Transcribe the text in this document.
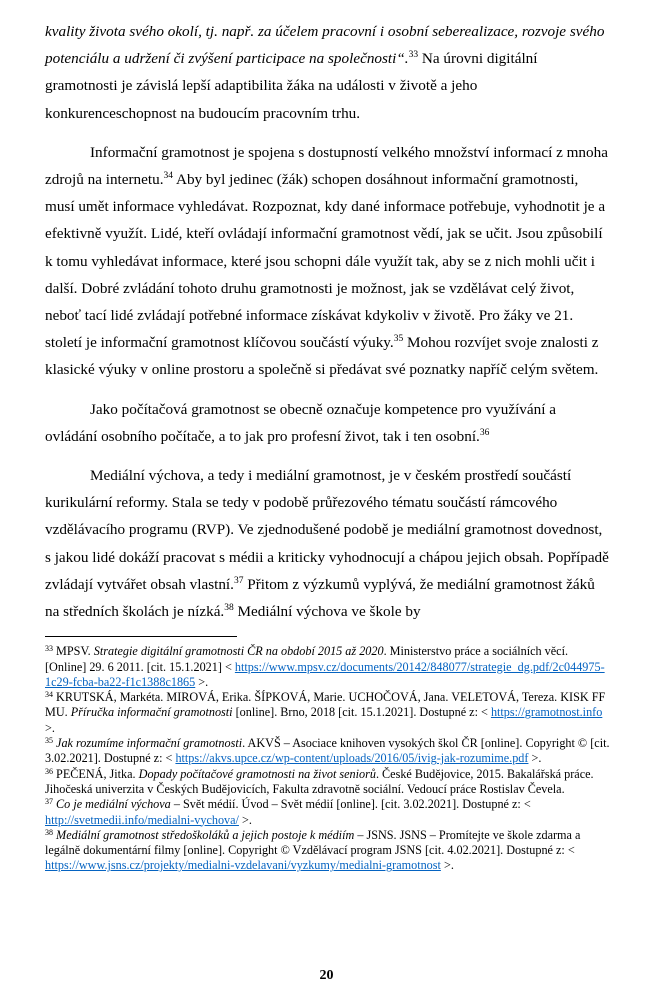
kvality života svého okolí, tj. např. za účelem pracovní i osobní seberealizace, rozvoje svého potenciálu a udržení či zvýšení participace na společnosti“.$^{33}$ Na úrovni digitální gramotnosti je závislá lepší adaptibilita žáka na události v životě a jeho konkurenceschopnost na budoucím pracovním trhu.

Informační gramotnost je spojena s dostupností velkého množství informací z mnoha zdrojů na internetu.$^{34}$ Aby byl jedinec (žák) schopen dosáhnout informační gramotnosti, musí umět informace vyhledávat. Rozpoznat, kdy dané informace potřebuje, vyhodnotit je a efektivně využít. Lidé, kteří ovládají informační gramotnost vědí, jak se učit. Jsou způsobilí k tomu vyhledávat informace, které jsou schopni dále využít tak, aby se z nich mohli učit i další. Dobré zvládání tohoto druhu gramotnosti je možnost, jak se vzdělávat celý život, neboť tací lidé zvládají potřebné informace získávat kdykoliv v životě. Pro žáky ve 21. století je informační gramotnost klíčovou součástí výuky.$^{35}$ Mohou rozvíjet svoje znalosti z klasické výuky v online prostoru a společně si předávat své poznatky napříč celým světem.

Jako počítačová gramotnost se obecně označuje kompetence pro využívání a ovládání osobního počítače, a to jak pro profesní život, tak i ten osobní.$^{36}$

Mediální výchova, a tedy i mediální gramotnost, je v českém prostředí součástí kurikulární reformy. Stala se tedy v podobě průřezového tématu součástí rámcového vzdělávacího programu (RVP). Ve zjednodušené podobě je mediální gramotnost dovednost, s jakou lidé dokáží pracovat s médii a kriticky vyhodnocují a chápou jejich obsah. Popřípadě zvládají vytvářet obsah vlastní.$^{37}$ Přitom z výzkumů vyplývá, že mediální gramotnost žáků na středních školách je nízká.$^{38}$ Mediální výchova ve škole by

$^{33}$ MPSV. Strategie digitální gramotnosti ČR na období 2015 až 2020. Ministerstvo práce a sociálních věcí. [Online] 29. 6 2011. [cit. 15.1.2021] < https://www.mpsv.cz/documents/20142/848077/strategie_dg.pdf/2c044975-1c29-fcba-ba22-f1c1388c1865 >.

$^{34}$ KRUTSKÁ, Markéta. MIROVÁ, Erika. ŠÍPKOVÁ, Marie. UCHOČOVÁ, Jana. VELETOVÁ, Tereza. KISK FF MU. Příručka informační gramotnosti [online]. Brno, 2018 [cit. 15.1.2021]. Dostupné z: < https://gramotnost.info >.

$^{35}$ Jak rozumíme informační gramotnosti. AKVŠ – Asociace knihoven vysokých škol ČR [online]. Copyright © [cit. 3.02.2021]. Dostupné z: < https://akvs.upce.cz/wp-content/uploads/2016/05/ivig-jak-rozumime.pdf >.

$^{36}$ PEČENÁ, Jitka. Dopady počítačové gramotnosti na život seniorů. České Budějovice, 2015. Bakalářská práce. Jihočeská univerzita v Českých Budějovicích, Fakulta zdravotně sociální. Vedoucí práce Rostislav Čevela.

$^{37}$ Co je mediální výchova – Svět médií. Úvod – Svět médií [online]. [cit. 3.02.2021]. Dostupné z: < http://svetmedii.info/medialni-vychova/ >.

$^{38}$ Mediální gramotnost středoškoláků a jejich postoje k médiím – JSNS. JSNS – Promítejte ve škole zdarma a legálně dokumentární filmy [online]. Copyright © Vzdělávací program JSNS [cit. 4.02.2021]. Dostupné z: < https://www.jsns.cz/projekty/medialni-vzdelavani/vyzkumy/medialni-gramotnost >.

20
